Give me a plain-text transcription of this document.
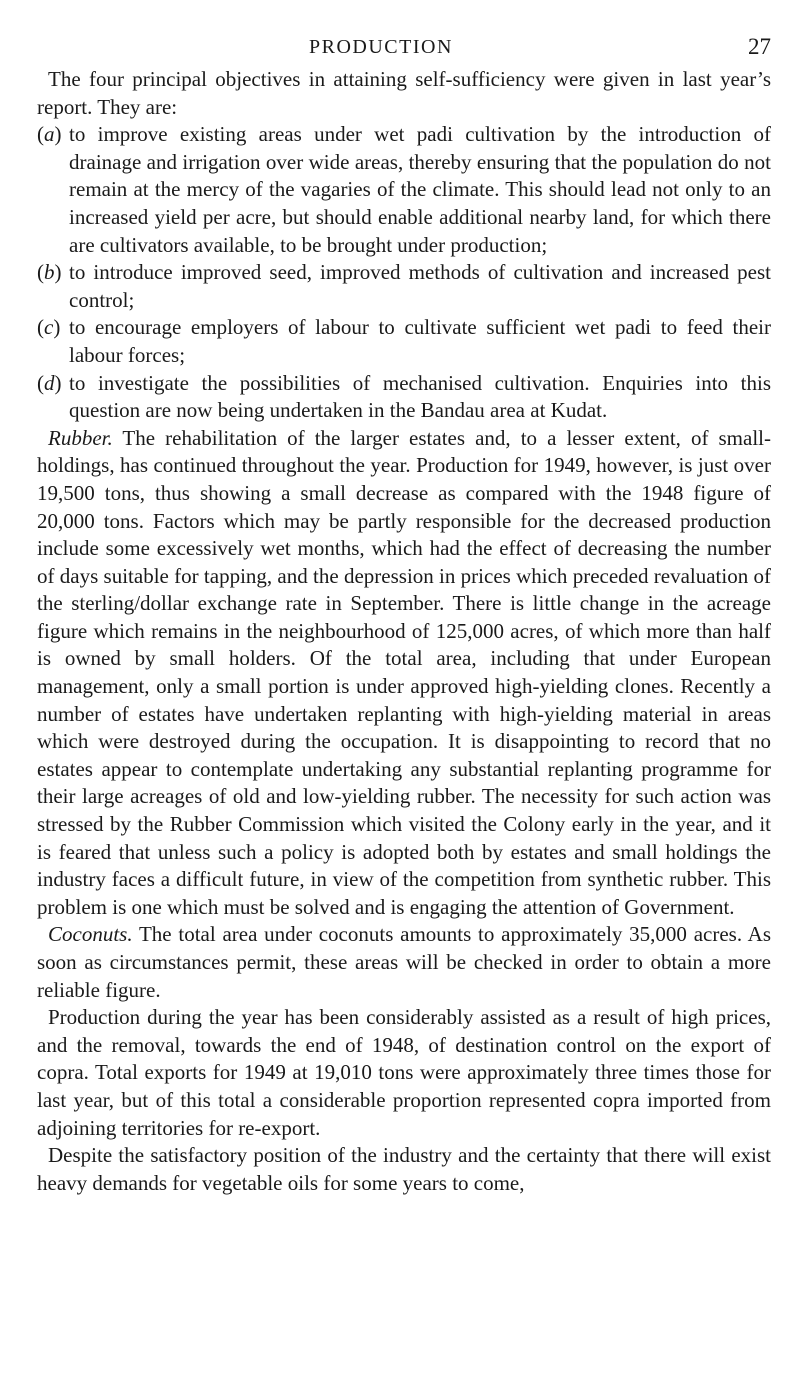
PRODUCTION	27

The four principal objectives in attaining self-sufficiency were given in last year’s report. They are:

(a) to improve existing areas under wet padi cultivation by the introduction of drainage and irrigation over wide areas, thereby ensuring that the population do not remain at the mercy of the vagaries of the climate. This should lead not only to an increased yield per acre, but should enable additional nearby land, for which there are cultivators available, to be brought under production;

(b) to introduce improved seed, improved methods of cultivation and increased pest control;

(c) to encourage employers of labour to cultivate sufficient wet padi to feed their labour forces;

(d) to investigate the possibilities of mechanised cultivation. Enquiries into this question are now being undertaken in the Bandau area at Kudat.

Rubber. The rehabilitation of the larger estates and, to a lesser extent, of small-holdings, has continued throughout the year. Production for 1949, however, is just over 19,500 tons, thus showing a small decrease as compared with the 1948 figure of 20,000 tons. Factors which may be partly responsible for the decreased production include some excessively wet months, which had the effect of decreasing the number of days suitable for tapping, and the depression in prices which preceded revaluation of the sterling/dollar exchange rate in September. There is little change in the acreage figure which remains in the neighbourhood of 125,000 acres, of which more than half is owned by small holders. Of the total area, including that under European management, only a small portion is under approved high-yielding clones. Recently a number of estates have undertaken replanting with high-yielding material in areas which were destroyed during the occupation. It is disappointing to record that no estates appear to contemplate undertaking any substantial replanting programme for their large acreages of old and low-yielding rubber. The necessity for such action was stressed by the Rubber Commission which visited the Colony early in the year, and it is feared that unless such a policy is adopted both by estates and small holdings the industry faces a difficult future, in view of the competition from synthetic rubber. This problem is one which must be solved and is engaging the attention of Government.

Coconuts. The total area under coconuts amounts to approximately 35,000 acres. As soon as circumstances permit, these areas will be checked in order to obtain a more reliable figure.

Production during the year has been considerably assisted as a result of high prices, and the removal, towards the end of 1948, of destination control on the export of copra. Total exports for 1949 at 19,010 tons were approximately three times those for last year, but of this total a considerable proportion represented copra imported from adjoining territories for re-export.

Despite the satisfactory position of the industry and the certainty that there will exist heavy demands for vegetable oils for some years to come,
